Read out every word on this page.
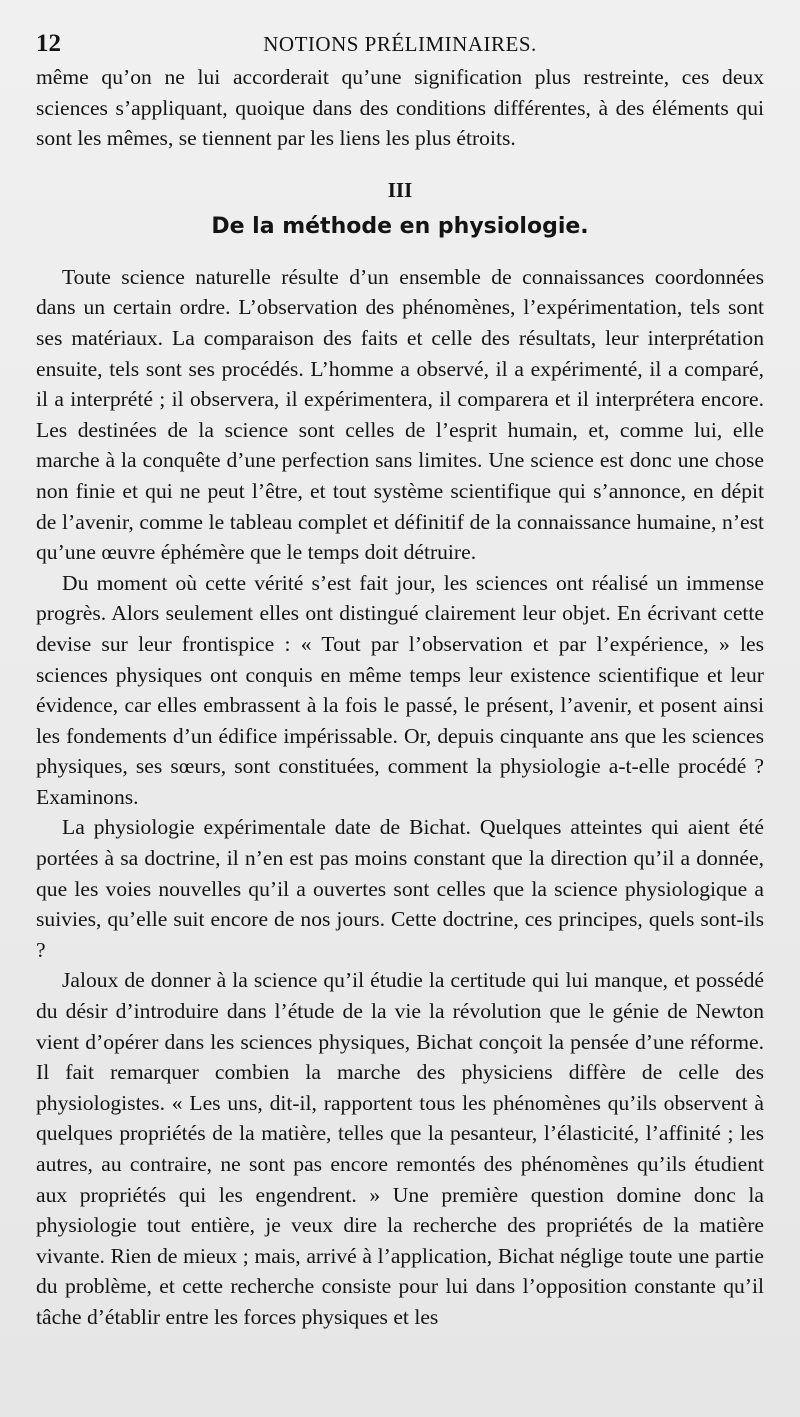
12	NOTIONS PRÉLIMINAIRES.

même qu’on ne lui accorderait qu’une signification plus restreinte, ces deux sciences s’appliquant, quoique dans des conditions différentes, à des éléments qui sont les mêmes, se tiennent par les liens les plus étroits.

III
De la méthode en physiologie.

Toute science naturelle résulte d’un ensemble de connaissances coordonnées dans un certain ordre. L’observation des phénomènes, l’expérimentation, tels sont ses matériaux. La comparaison des faits et celle des résultats, leur interprétation ensuite, tels sont ses procédés. L’homme a observé, il a expérimenté, il a comparé, il a interprété ; il observera, il expérimentera, il comparera et il interprétera encore. Les destinées de la science sont celles de l’esprit humain, et, comme lui, elle marche à la conquête d’une perfection sans limites. Une science est donc une chose non finie et qui ne peut l’être, et tout système scientifique qui s’annonce, en dépit de l’avenir, comme le tableau complet et définitif de la connaissance humaine, n’est qu’une œuvre éphémère que le temps doit détruire.

Du moment où cette vérité s’est fait jour, les sciences ont réalisé un immense progrès. Alors seulement elles ont distingué clairement leur objet. En écrivant cette devise sur leur frontispice : « Tout par l’observation et par l’expérience, » les sciences physiques ont conquis en même temps leur existence scientifique et leur évidence, car elles embrassent à la fois le passé, le présent, l’avenir, et posent ainsi les fondements d’un édifice impérissable. Or, depuis cinquante ans que les sciences physiques, ses sœurs, sont constituées, comment la physiologie a-t-elle procédé ? Examinons.

La physiologie expérimentale date de Bichat. Quelques atteintes qui aient été portées à sa doctrine, il n’en est pas moins constant que la direction qu’il a donnée, que les voies nouvelles qu’il a ouvertes sont celles que la science physiologique a suivies, qu’elle suit encore de nos jours. Cette doctrine, ces principes, quels sont-ils ?

Jaloux de donner à la science qu’il étudie la certitude qui lui manque, et possédé du désir d’introduire dans l’étude de la vie la révolution que le génie de Newton vient d’opérer dans les sciences physiques, Bichat conçoit la pensée d’une réforme. Il fait remarquer combien la marche des physiciens diffère de celle des physiologistes. « Les uns, dit-il, rapportent tous les phénomènes qu’ils observent à quelques propriétés de la matière, telles que la pesanteur, l’élasticité, l’affinité ; les autres, au contraire, ne sont pas encore remontés des phénomènes qu’ils étudient aux propriétés qui les engendrent. » Une première question domine donc la physiologie tout entière, je veux dire la recherche des propriétés de la matière vivante. Rien de mieux ; mais, arrivé à l’application, Bichat néglige toute une partie du problème, et cette recherche consiste pour lui dans l’opposition constante qu’il tâche d’établir entre les forces physiques et les
